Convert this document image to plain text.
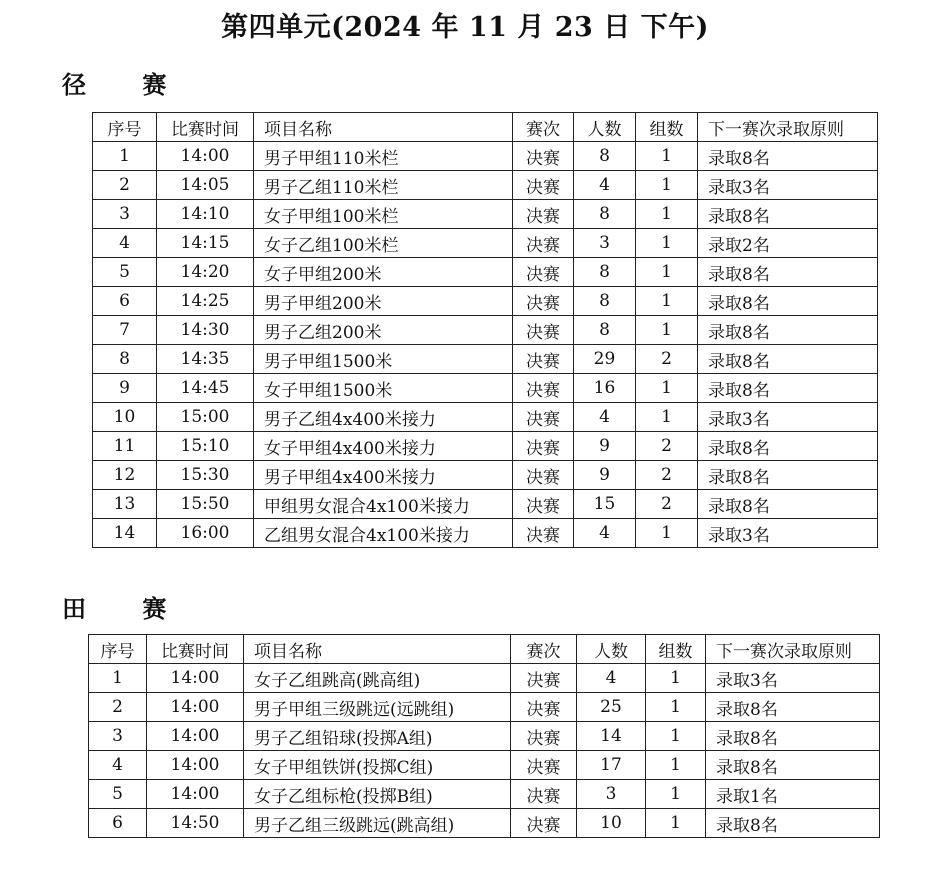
第四单元(2024 年 11 月 23 日 下午)
径 赛
序号	比赛时间	项目名称	赛次	人数	组数	下一赛次录取原则
1	14:00	男子甲组110米栏	决赛	8	1	录取8名
2	14:05	男子乙组110米栏	决赛	4	1	录取3名
3	14:10	女子甲组100米栏	决赛	8	1	录取8名
4	14:15	女子乙组100米栏	决赛	3	1	录取2名
5	14:20	女子甲组200米	决赛	8	1	录取8名
6	14:25	男子甲组200米	决赛	8	1	录取8名
7	14:30	男子乙组200米	决赛	8	1	录取8名
8	14:35	男子甲组1500米	决赛	29	2	录取8名
9	14:45	女子甲组1500米	决赛	16	1	录取8名
10	15:00	男子乙组4x400米接力	决赛	4	1	录取3名
11	15:10	女子甲组4x400米接力	决赛	9	2	录取8名
12	15:30	男子甲组4x400米接力	决赛	9	2	录取8名
13	15:50	甲组男女混合4x100米接力	决赛	15	2	录取8名
14	16:00	乙组男女混合4x100米接力	决赛	4	1	录取3名
田 赛
序号	比赛时间	项目名称	赛次	人数	组数	下一赛次录取原则
1	14:00	女子乙组跳高(跳高组)	决赛	4	1	录取3名
2	14:00	男子甲组三级跳远(远跳组)	决赛	25	1	录取8名
3	14:00	男子乙组铅球(投掷A组)	决赛	14	1	录取8名
4	14:00	女子甲组铁饼(投掷C组)	决赛	17	1	录取8名
5	14:00	女子乙组标枪(投掷B组)	决赛	3	1	录取1名
6	14:50	男子乙组三级跳远(跳高组)	决赛	10	1	录取8名
